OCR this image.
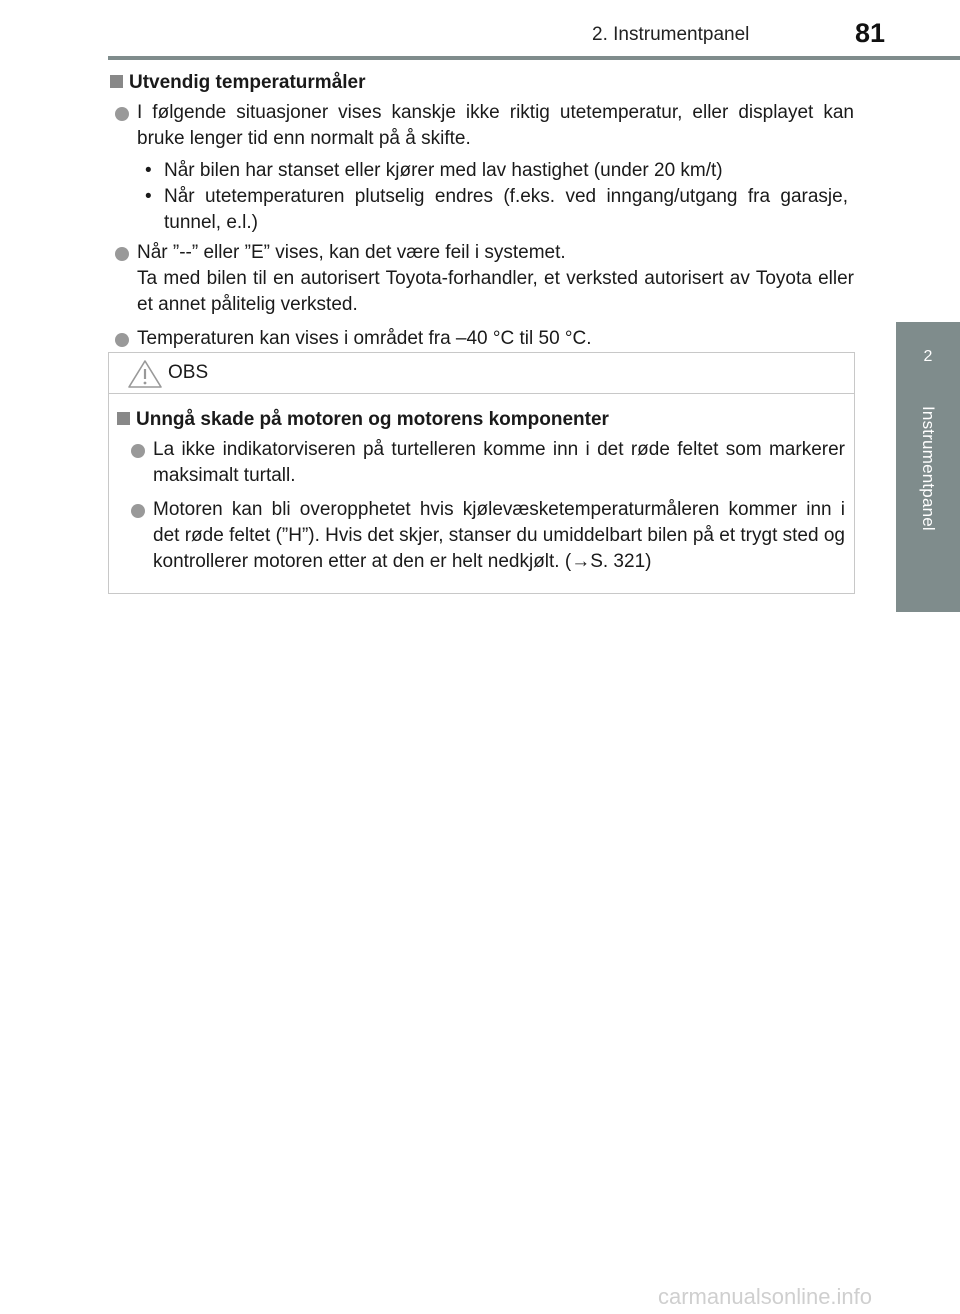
2. Instrumentpanel	81
2
Instrumentpanel
Utvendig temperaturmåler
I følgende situasjoner vises kanskje ikke riktig utetemperatur, eller displayet kan bruke lenger tid enn normalt på å skifte.
• Når bilen har stanset eller kjører med lav hastighet (under 20 km/t)
• Når utetemperaturen plutselig endres (f.eks. ved inngang/utgang fra garasje, tunnel, e.l.)
Når ”--” eller ”E” vises, kan det være feil i systemet.
Ta med bilen til en autorisert Toyota-forhandler, et verksted autorisert av Toyota eller et annet pålitelig verksted.
Temperaturen kan vises i området fra –40 °C til 50 °C.
OBS
Unngå skade på motoren og motorens komponenter
La ikke indikatorviseren på turtelleren komme inn i det røde feltet som markerer maksimalt turtall.
Motoren kan bli overopphetet hvis kjølevæsketemperaturmåleren kommer inn i det røde feltet (”H”). Hvis det skjer, stanser du umiddelbart bilen på et trygt sted og kontrollerer motoren etter at den er helt nedkjølt. (→S. 321)
carmanualsonline.info
